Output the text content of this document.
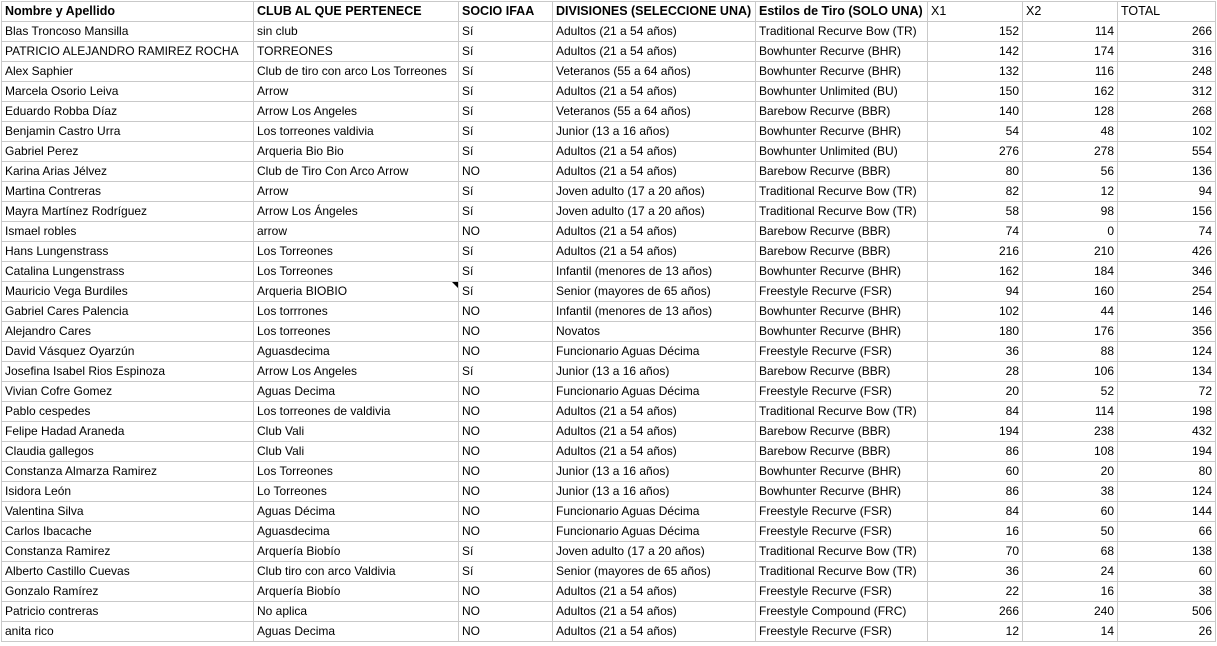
Nombre y Apellido	CLUB AL QUE PERTENECE	SOCIO IFAA	DIVISIONES (SELECCIONE UNA)	Estilos de Tiro (SOLO UNA)	X1	X2	TOTAL
Blas Troncoso Mansilla	sin club	Sí	Adultos (21 a 54 años)	Traditional Recurve Bow (TR)	152	114	266
PATRICIO ALEJANDRO RAMIREZ ROCHA	TORREONES	Sí	Adultos (21 a 54 años)	Bowhunter Recurve (BHR)	142	174	316
Alex Saphier	Club de tiro con arco Los Torreones	Sí	Veteranos (55 a 64 años)	Bowhunter Recurve (BHR)	132	116	248
Marcela Osorio Leiva	Arrow	Sí	Adultos (21 a 54 años)	Bowhunter Unlimited (BU)	150	162	312
Eduardo Robba Díaz	Arrow Los Angeles	Sí	Veteranos (55 a 64 años)	Barebow Recurve (BBR)	140	128	268
Benjamin Castro Urra	Los torreones valdivia	Sí	Junior (13 a 16 años)	Bowhunter Recurve (BHR)	54	48	102
Gabriel Perez	Arqueria Bio Bio	Sí	Adultos (21 a 54 años)	Bowhunter Unlimited (BU)	276	278	554
Karina Arias Jélvez	Club de Tiro Con Arco Arrow	NO	Adultos (21 a 54 años)	Barebow Recurve (BBR)	80	56	136
Martina Contreras	Arrow	Sí	Joven adulto (17 a 20 años)	Traditional Recurve Bow (TR)	82	12	94
Mayra Martínez Rodríguez	Arrow Los Ángeles	Sí	Joven adulto (17 a 20 años)	Traditional Recurve Bow (TR)	58	98	156
Ismael robles	arrow	NO	Adultos (21 a 54 años)	Barebow Recurve (BBR)	74	0	74
Hans Lungenstrass	Los Torreones	Sí	Adultos (21 a 54 años)	Barebow Recurve (BBR)	216	210	426
Catalina Lungenstrass	Los Torreones	Sí	Infantil (menores de 13 años)	Bowhunter Recurve (BHR)	162	184	346
Mauricio Vega Burdiles	Arqueria BIOBIO	Sí	Senior (mayores de 65 años)	Freestyle Recurve (FSR)	94	160	254
Gabriel Cares Palencia	Los torrrones	NO	Infantil (menores de 13 años)	Bowhunter Recurve (BHR)	102	44	146
Alejandro Cares	Los torreones	NO	Novatos	Bowhunter Recurve (BHR)	180	176	356
David Vásquez Oyarzún	Aguasdecima	NO	Funcionario Aguas Décima	Freestyle Recurve (FSR)	36	88	124
Josefina Isabel Rios Espinoza	Arrow Los Angeles	Sí	Junior (13 a 16 años)	Barebow Recurve (BBR)	28	106	134
Vivian Cofre Gomez	Aguas Decima	NO	Funcionario Aguas Décima	Freestyle Recurve (FSR)	20	52	72
Pablo cespedes	Los torreones de valdivia	NO	Adultos (21 a 54 años)	Traditional Recurve Bow (TR)	84	114	198
Felipe Hadad Araneda	Club Vali	NO	Adultos (21 a 54 años)	Barebow Recurve (BBR)	194	238	432
Claudia gallegos	Club Vali	NO	Adultos (21 a 54 años)	Barebow Recurve (BBR)	86	108	194
Constanza Almarza Ramirez	Los Torreones	NO	Junior (13 a 16 años)	Bowhunter Recurve (BHR)	60	20	80
Isidora León	Lo Torreones	NO	Junior (13 a 16 años)	Bowhunter Recurve (BHR)	86	38	124
Valentina Silva	Aguas Décima	NO	Funcionario Aguas Décima	Freestyle Recurve (FSR)	84	60	144
Carlos Ibacache	Aguasdecima	NO	Funcionario Aguas Décima	Freestyle Recurve (FSR)	16	50	66
Constanza Ramirez	Arquería Biobío	Sí	Joven adulto (17 a 20 años)	Traditional Recurve Bow (TR)	70	68	138
Alberto Castillo Cuevas	Club tiro con arco Valdivia	Sí	Senior (mayores de 65 años)	Traditional Recurve Bow (TR)	36	24	60
Gonzalo Ramírez	Arquería Biobío	NO	Adultos (21 a 54 años)	Freestyle Recurve (FSR)	22	16	38
Patricio contreras	No aplica	NO	Adultos (21 a 54 años)	Freestyle Compound (FRC)	266	240	506
anita rico	Aguas Decima	NO	Adultos (21 a 54 años)	Freestyle Recurve (FSR)	12	14	26
